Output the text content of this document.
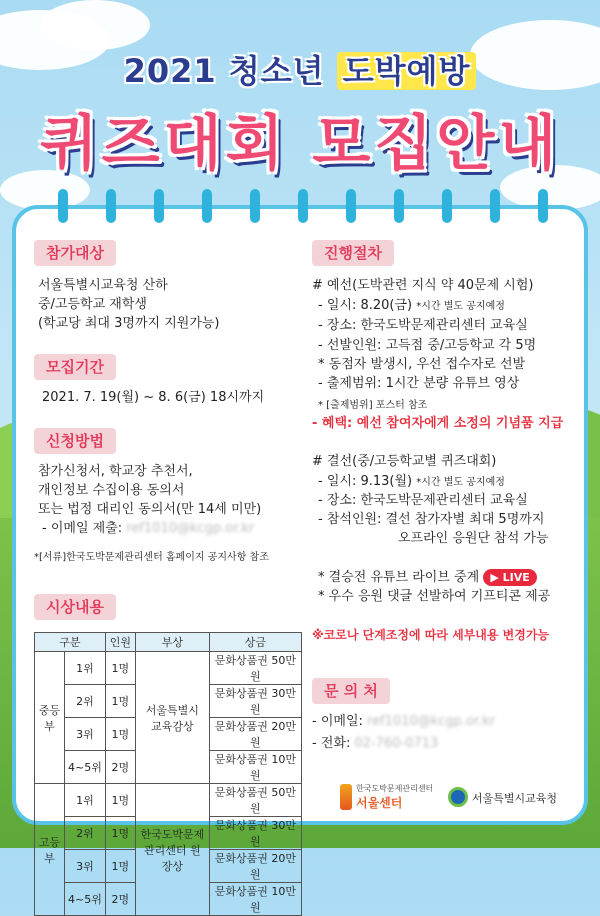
2021 청소년 도박예방
퀴즈대회 모집안내
참가대상
서울특별시교육청 산하
중/고등학교 재학생
(학교당 최대 3명까지 지원가능)
모집기간
2021. 7. 19(월) ~ 8. 6(금) 18시까지
신청방법
참가신청서, 학교장 추천서,
개인정보 수집이용 동의서
또는 법정 대리인 동의서(만 14세 미만)
- 이메일 제출: ref1010@kcgp.or.kr
*[서류]한국도박문제관리센터 홈페이지 공지사항 참조
시상내용
구분		인원	부상	상금
중등부	1위	1명	서울특별시 교육감상	문화상품권 50만원
	2위	1명		문화상품권 30만원
	3위	1명		문화상품권 20만원
	4~5위	2명		문화상품권 10만원
고등부	1위	1명	한국도박문제 관리센터 원장상	문화상품권 50만원
	2위	1명		문화상품권 30만원
	3위	1명		문화상품권 20만원
	4~5위	2명		문화상품권 10만원
진행절차
# 예선(도박관련 지식 약 40문제 시험)
- 일시: 8.20(금) *시간 별도 공지예정
- 장소: 한국도박문제관리센터 교육실
- 선발인원: 고득점 중/고등학교 각 5명
* 동점자 발생시, 우선 접수자로 선발
- 출제범위: 1시간 분량 유튜브 영상
* [출제범위] 포스터 참조
- 혜택: 예선 참여자에게 소정의 기념품 지급
# 결선(중/고등학교별 퀴즈대회)
- 일시: 9.13(월) *시간 별도 공지예정
- 장소: 한국도박문제관리센터 교육실
- 참석인원: 결선 참가자별 최대 5명까지
오프라인 응원단 참석 가능
* 결승전 유튜브 라이브 중계 ▶ LIVE
* 우수 응원 댓글 선발하여 기프티콘 제공
※코로나 단계조정에 따라 세부내용 변경가능
문 의 처
- 이메일: ref1010@kcgp.or.kr
- 전화: 02-760-0713
한국도박문제관리센터
서울센터	서울특별시교육청
